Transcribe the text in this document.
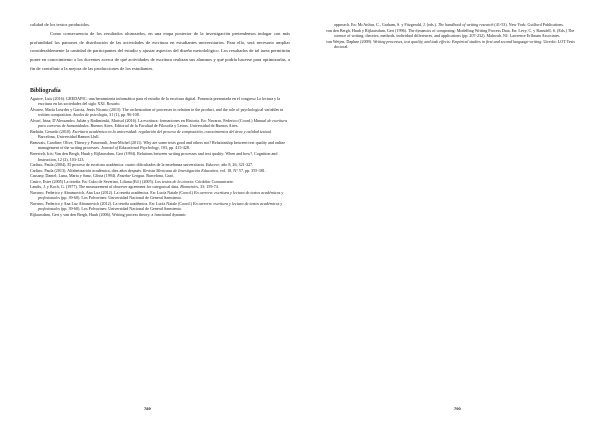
calidad de los textos producidos.

Como consecuencia de los resultados alcanzados, en una etapa posterior de la investigación pretendemos indagar con más profundidad los patrones de distribución de las actividades de escritura en estudiantes universitarios. Para ello, será necesario ampliar considerablemente la cantidad de participantes del estudio y ajustar aspectos del diseño metodológico. Los resultados de tal tarea permitirán poner en conocimiento a los docentes acerca de qué actividades de escritura realizan sus alumnos y qué podría hacerse para optimizarlas, a fin de contribuir a la mejora de las producciones de los estudiantes.

Bibliografía

Aguirre, Luis (2016). GREDAPIC: una herramienta informática para el estudio de la escritura digital. Ponencia presentada en el congreso La lectura y la escritura en las sociedades del siglo XXI. Rosario.

Álvarez, María Lourdes y García, Jesús Nicasio (2015). The orchestration of processes in relation to the product, and the role of psychological variables in written composition. Anales de psicología, 31 (1), pp. 96-108.

Alvarí, Irina; D'Alessandro, Julián y Radiminski, Marisol (2016). La escritura: formaciones en Historia. En: Navarro, Federico (Coord.) Manual de escritura para carreras de humanidades. Buenos Aires, Editorial de la Facultad de Filosofía y Letras, Universidad de Buenos Aires.

Barbián, Gerardo (2010). Escritura académica en la universidad: regulación del proceso de composición, conocimientos del área y calidad textual. Barcelona, Universidad Ramon Llull.

Beauvais, Caroline; Olive, Thierry y Passerault, Jean-Michel (2011). Why are some texts good and others not? Relationship between text quality and online management of the writing processes. Journal of Educational Psychology, 103, pp. 415-428.

Breetvelt, Iris; Van den Bergh, Huub y Rijlaarsdam, Gert (1994). Relations between writing processes and text quality: When and how?, Cognition and Instruction, 12 (2), 103-123.

Carlino, Paula (2004). El proceso de escritura académica: cuatro dificultades de la enseñanza universitaria. Educere, año 8, 26, 321-327.

Carlino, Paula (2013). Alfabetización académica, diez años después. Revista Mexicana de Investigación Educativa, vol. 18, N° 57, pp. 355-381.

Cassany, Daniel; Luna, Marta y Sanz, Glòria (1994). Enseñar Lengua. Barcelona, Graó.

Castro, Ester (2005) La reseña. En: Cubo de Severino, Liliana (Ed.) (2005). Los textos de la ciencia. Córdoba: Comunicarte.

Landis, J. y Koch, G. (1977). The measurement of observer agreement for categorical data. Biometrics, 33: 159-74.

Navarro, Federico y Abramovich, Ana Luz (2012). La reseña académica. En: Lucía Natale (Coord.) En carrera: escritura y lectura de textos académicos y profesionales (pp. 39-60). Los Polvorines: Universidad Nacional de General Sarmiento.

Navarro, Federico y Ana Luz Abramovich (2012). La reseña académica. En: Lucía Natale (Coord.) En carrera: escritura y lectura de textos académicos y profesionales (pp. 39-60). Los Polvorines: Universidad Nacional de General Sarmiento.

Rijlaarsdam, Gert y van den Bergh, Huub (2006). Writing process theory: a functional dynamic

789

approach. En: McArthur, C., Graham, S. y Fitzgerald, J. (eds.). The handbook of writing research (41-53). New York: Guilford Publications.

van den Bergh, Huub y Rijlaarsdam, Gert (1996). The dynamics of composing: Modelling Writing Process Data. En: Levy, C. y Ransdell, S. (Eds.) The science of writing: theories, methods, individual differences, and applications (pp. 207-232). Mahwah, NJ: Lawrence Erlbaum Associates.

van Weijen, Daphne (2009). Writing processes, text quality, and task effects: Empirical studies in first and second language writing. Utrecht: LOT Tesis doctoral.

790
